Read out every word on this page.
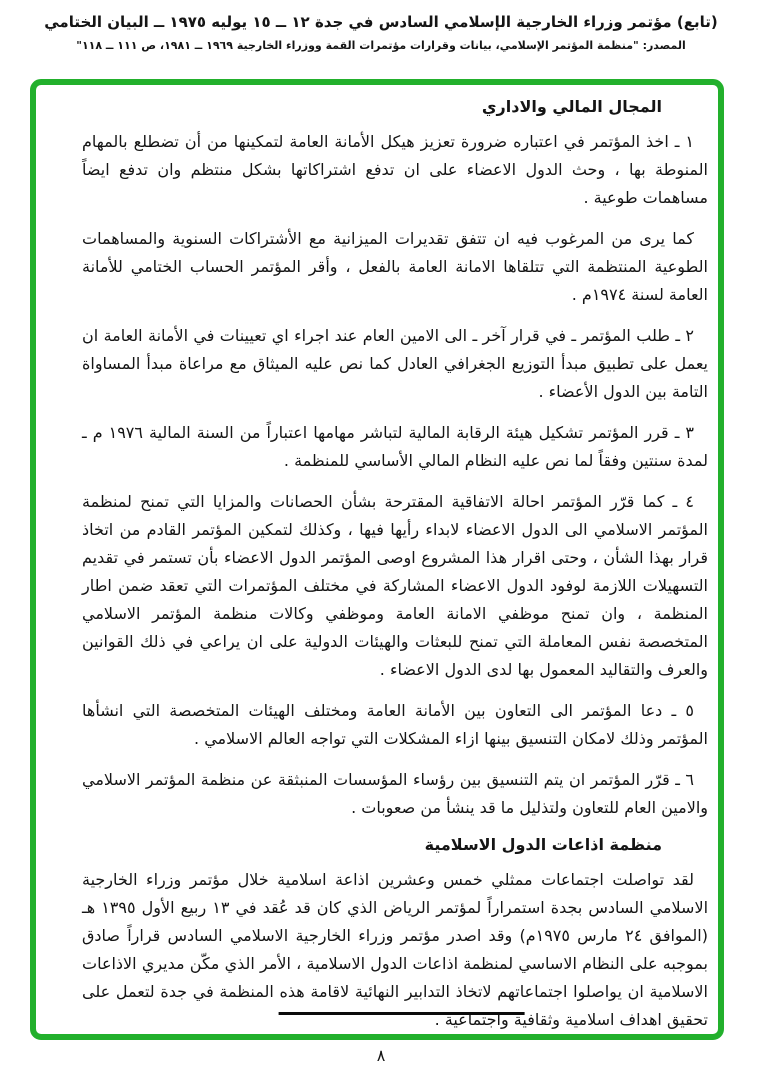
(تابع) مؤتمر وزراء الخارجية الإسلامي السادس في جدة ١٢ ــ ١٥ يوليه ١٩٧٥ ــ البيان الختامي
المصدر: "منظمة المؤتمر الإسلامي، بيانات وقرارات مؤتمرات القمة ووزراء الخارجية ١٩٦٩ ــ ١٩٨١، ص ١١١ ــ ١١٨"
المجال المالي والاداري

١ ـ اخذ المؤتمر في اعتباره ضرورة تعزيز هيكل الأمانة العامة لتمكينها من أن تضطلع بالمهام المنوطة بها ، وحث الدول الاعضاء على ان تدفع اشتراكاتها بشكل منتظم وان تدفع ايضاً مساهمات طوعية .

كما يرى من المرغوب فيه ان تتفق تقديرات الميزانية مع الأشتراكات السنوية والمساهمات الطوعية المنتظمة التي تتلقاها الامانة العامة بالفعل ، وأقر المؤتمر الحساب الختامي للأمانة العامة لسنة ١٩٧٤م .

٢ ـ طلب المؤتمر ـ في قرار آخر ـ الى الامين العام عند اجراء اي تعيينات في الأمانة العامة ان يعمل على تطبيق مبدأ التوزيع الجغرافي العادل كما نص عليه الميثاق مع مراعاة مبدأ المساواة التامة بين الدول الأعضاء .

٣ ـ قرر المؤتمر تشكيل هيئة الرقابة المالية لتباشر مهامها اعتباراً من السنة المالية ١٩٧٦ م ـ لمدة سنتين وفقاً لما نص عليه النظام المالي الأساسي للمنظمة .

٤ ـ كما قرّر المؤتمر احالة الاتفاقية المقترحة بشأن الحصانات والمزايا التي تمنح لمنظمة المؤتمر الاسلامي الى الدول الاعضاء لابداء رأيها فيها ، وكذلك لتمكين المؤتمر القادم من اتخاذ قرار بهذا الشأن ، وحتى اقرار هذا المشروع اوصى المؤتمر الدول الاعضاء بأن تستمر في تقديم التسهيلات اللازمة لوفود الدول الاعضاء المشاركة في مختلف المؤتمرات التي تعقد ضمن اطار المنظمة ، وان تمنح موظفي الامانة العامة وموظفي وكالات منظمة المؤتمر الاسلامي المتخصصة نفس المعاملة التي تمنح للبعثات والهيئات الدولية على ان يراعي في ذلك القوانين والعرف والتقاليد المعمول بها لدى الدول الاعضاء .

٥ ـ دعا المؤتمر الى التعاون بين الأمانة العامة ومختلف الهيئات المتخصصة التي انشأها المؤتمر وذلك لامكان التنسيق بينها ازاء المشكلات التي تواجه العالم الاسلامي .

٦ ـ قرّر المؤتمر ان يتم التنسيق بين رؤساء المؤسسات المنبثقة عن منظمة المؤتمر الاسلامي والامين العام للتعاون ولتذليل ما قد ينشأ من صعوبات .

منظمة اذاعات الدول الاسلامية

لقد تواصلت اجتماعات ممثلي خمس وعشرين اذاعة اسلامية خلال مؤتمر وزراء الخارجية الاسلامي السادس بجدة استمراراً لمؤتمر الرياض الذي كان قد عُقد في ١٣ ربيع الأول ١٣٩٥ هـ (الموافق ٢٤ مارس ١٩٧٥م) وقد اصدر مؤتمر وزراء الخارجية الاسلامي السادس قراراً صادق بموجبه على النظام الاساسي لمنظمة اذاعات الدول الاسلامية ، الأمر الذي مكّن مديري الاذاعات الاسلامية ان يواصلوا اجتماعاتهم لاتخاذ التدابير النهائية لاقامة هذه المنظمة في جدة لتعمل على تحقيق اهداف اسلامية وثقافية واجتماعية .

٨
